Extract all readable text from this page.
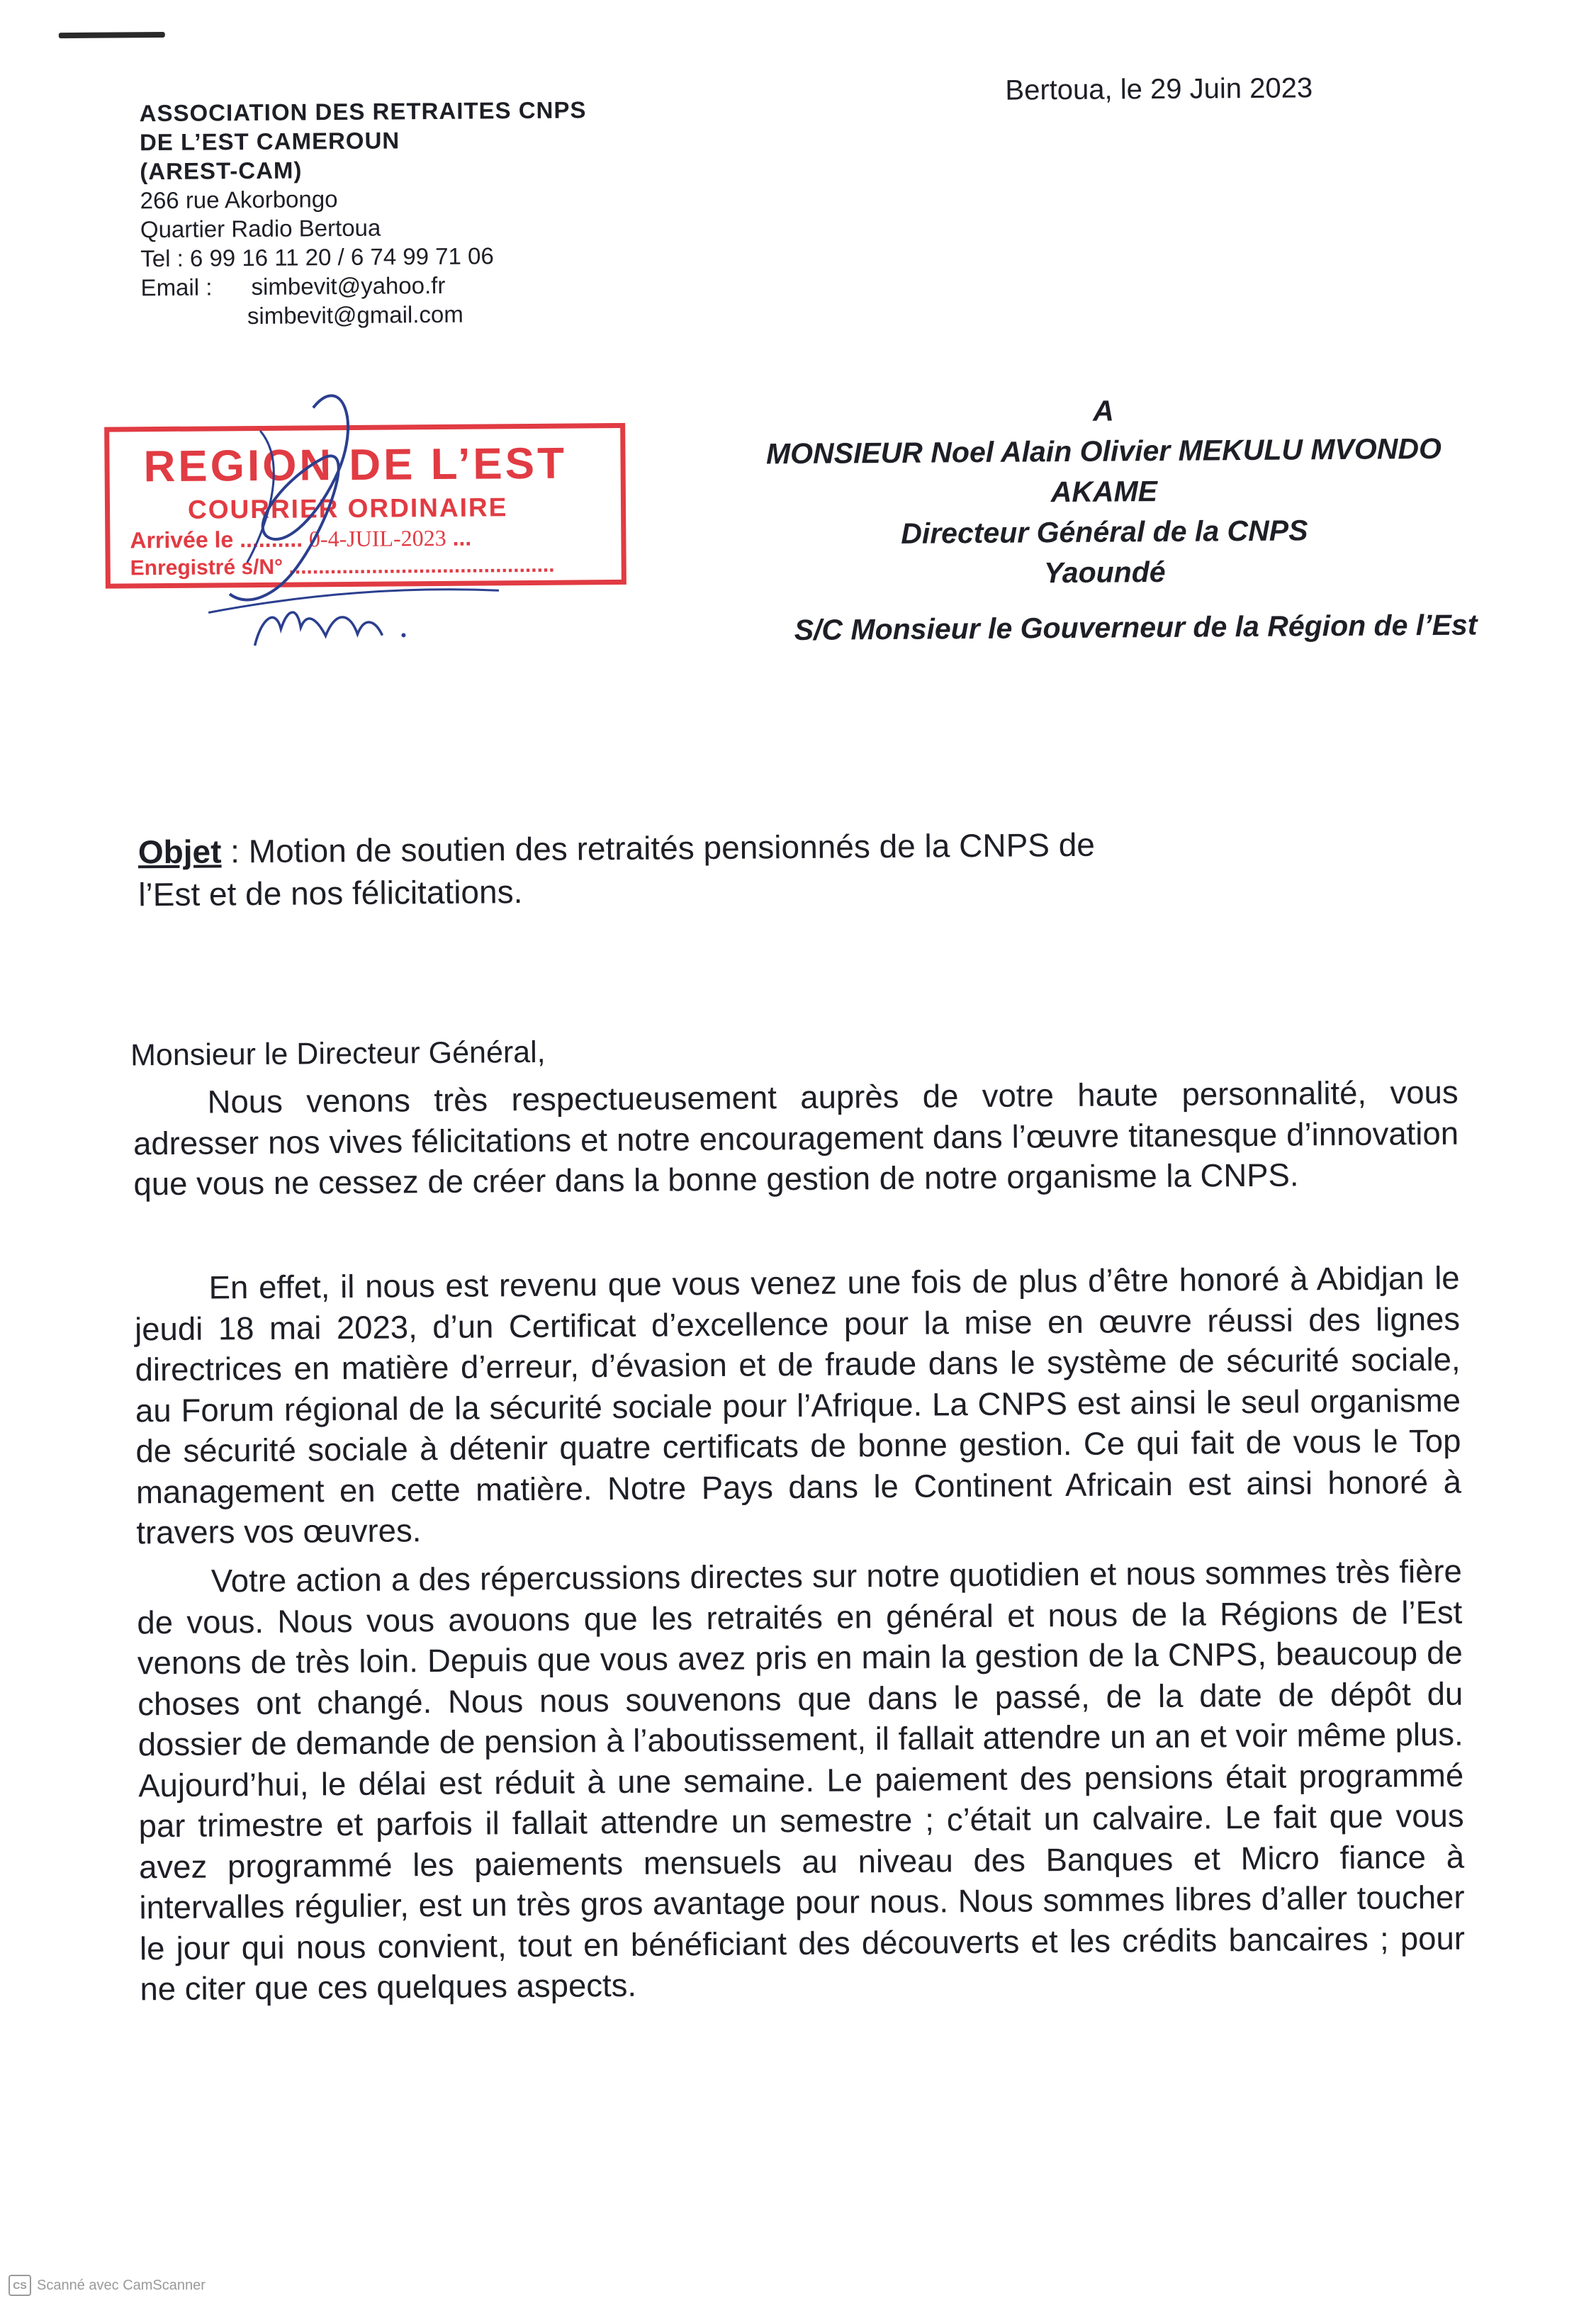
ASSOCIATION DES RETRAITES CNPS
DE L’EST CAMEROUN
(AREST-CAM)
266 rue Akorbongo
Quartier Radio Bertoua
Tel : 6 99 16 11 20 / 6 74 99 71 06
Email :	simbevit@yahoo.fr
simbevit@gmail.com
Bertoua, le 29 Juin 2023
A
MONSIEUR Noel Alain Olivier MEKULU MVONDO
AKAME
Directeur Général de la CNPS
Yaoundé
S/C Monsieur le Gouverneur de la Région de l’Est
REGION DE L’EST
COURRIER ORDINAIRE
Arrivée le .......... 0-4-JUIL-2023 ...
Enregistré s/N° .............................................
Objet : Motion de soutien des retraités pensionnés de la CNPS de l’Est et de nos félicitations.
Monsieur le Directeur Général,
Nous venons très respectueusement auprès de votre haute personnalité, vous adresser nos vives félicitations et notre encouragement dans l’œuvre titanesque d’innovation que vous ne cessez de créer dans la bonne gestion de notre organisme la CNPS.
En effet, il nous est revenu que vous venez une fois de plus d’être honoré à Abidjan le jeudi 18 mai 2023, d’un Certificat d’excellence pour la mise en œuvre réussi des lignes directrices en matière d’erreur, d’évasion et de fraude dans le système de sécurité sociale, au Forum régional de la sécurité sociale pour l’Afrique. La CNPS est ainsi le seul organisme de sécurité sociale à détenir quatre certificats de bonne gestion. Ce qui fait de vous le Top management en cette matière. Notre Pays dans le Continent Africain est ainsi honoré à travers vos œuvres.
Votre action a des répercussions directes sur notre quotidien et nous sommes très fière de vous. Nous vous avouons que les retraités en général et nous de la Régions de l’Est venons de très loin. Depuis que vous avez pris en main la gestion de la CNPS, beaucoup de choses ont changé. Nous nous souvenons que dans le passé, de la date de dépôt du dossier de demande de pension à l’aboutissement, il fallait attendre un an et voir même plus. Aujourd’hui, le délai est réduit à une semaine. Le paiement des pensions était programmé par trimestre et parfois il fallait attendre un semestre ; c’était un calvaire. Le fait que vous avez programmé les paiements mensuels au niveau des Banques et Micro fiance à intervalles régulier, est un très gros avantage pour nous. Nous sommes libres d’aller toucher le jour qui nous convient, tout en bénéficiant des découverts et les crédits bancaires ; pour ne citer que ces quelques aspects.
CS Scanné avec CamScanner
